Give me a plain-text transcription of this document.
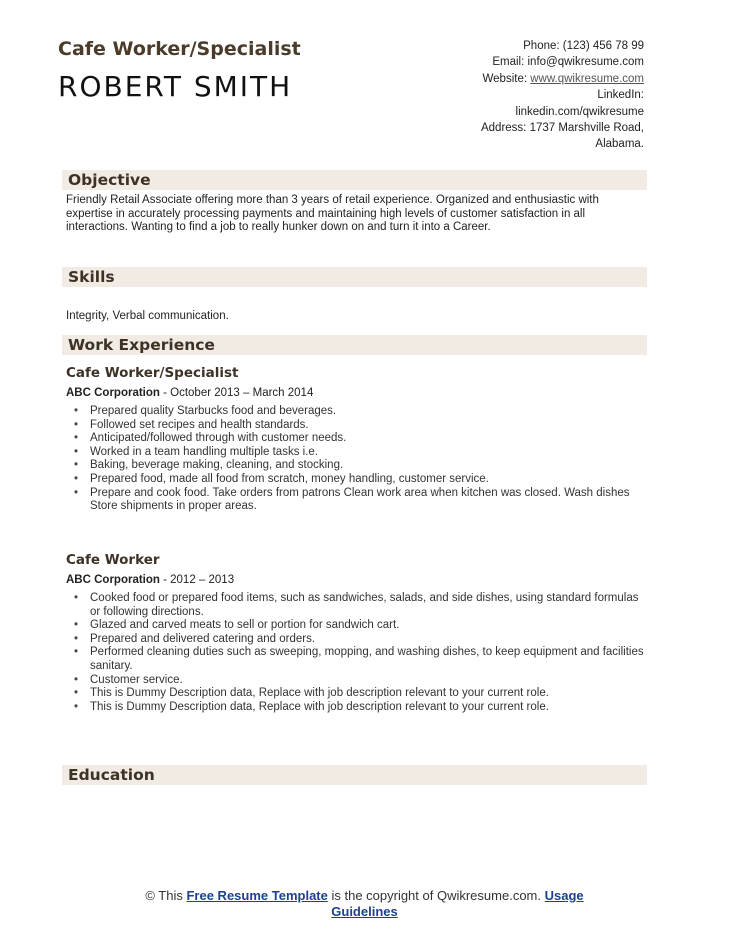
Cafe Worker/Specialist
ROBERT SMITH
Phone: (123) 456 78 99
Email: info@qwikresume.com
Website: www.qwikresume.com
LinkedIn:
linkedin.com/qwikresume
Address: 1737 Marshville Road,
Alabama.
Objective
Friendly Retail Associate offering more than 3 years of retail experience. Organized and enthusiastic with expertise in accurately processing payments and maintaining high levels of customer satisfaction in all interactions. Wanting to find a job to really hunker down on and turn it into a Career.
Skills
Integrity, Verbal communication.
Work Experience
Cafe Worker/Specialist
ABC Corporation - October 2013 – March 2014
• Prepared quality Starbucks food and beverages.
• Followed set recipes and health standards.
• Anticipated/followed through with customer needs.
• Worked in a team handling multiple tasks i.e.
• Baking, beverage making, cleaning, and stocking.
• Prepared food, made all food from scratch, money handling, customer service.
• Prepare and cook food. Take orders from patrons Clean work area when kitchen was closed. Wash dishes Store shipments in proper areas.
Cafe Worker
ABC Corporation - 2012 – 2013
• Cooked food or prepared food items, such as sandwiches, salads, and side dishes, using standard formulas or following directions.
• Glazed and carved meats to sell or portion for sandwich cart.
• Prepared and delivered catering and orders.
• Performed cleaning duties such as sweeping, mopping, and washing dishes, to keep equipment and facilities sanitary.
• Customer service.
• This is Dummy Description data, Replace with job description relevant to your current role.
• This is Dummy Description data, Replace with job description relevant to your current role.
Education
© This Free Resume Template is the copyright of Qwikresume.com. Usage
Guidelines
